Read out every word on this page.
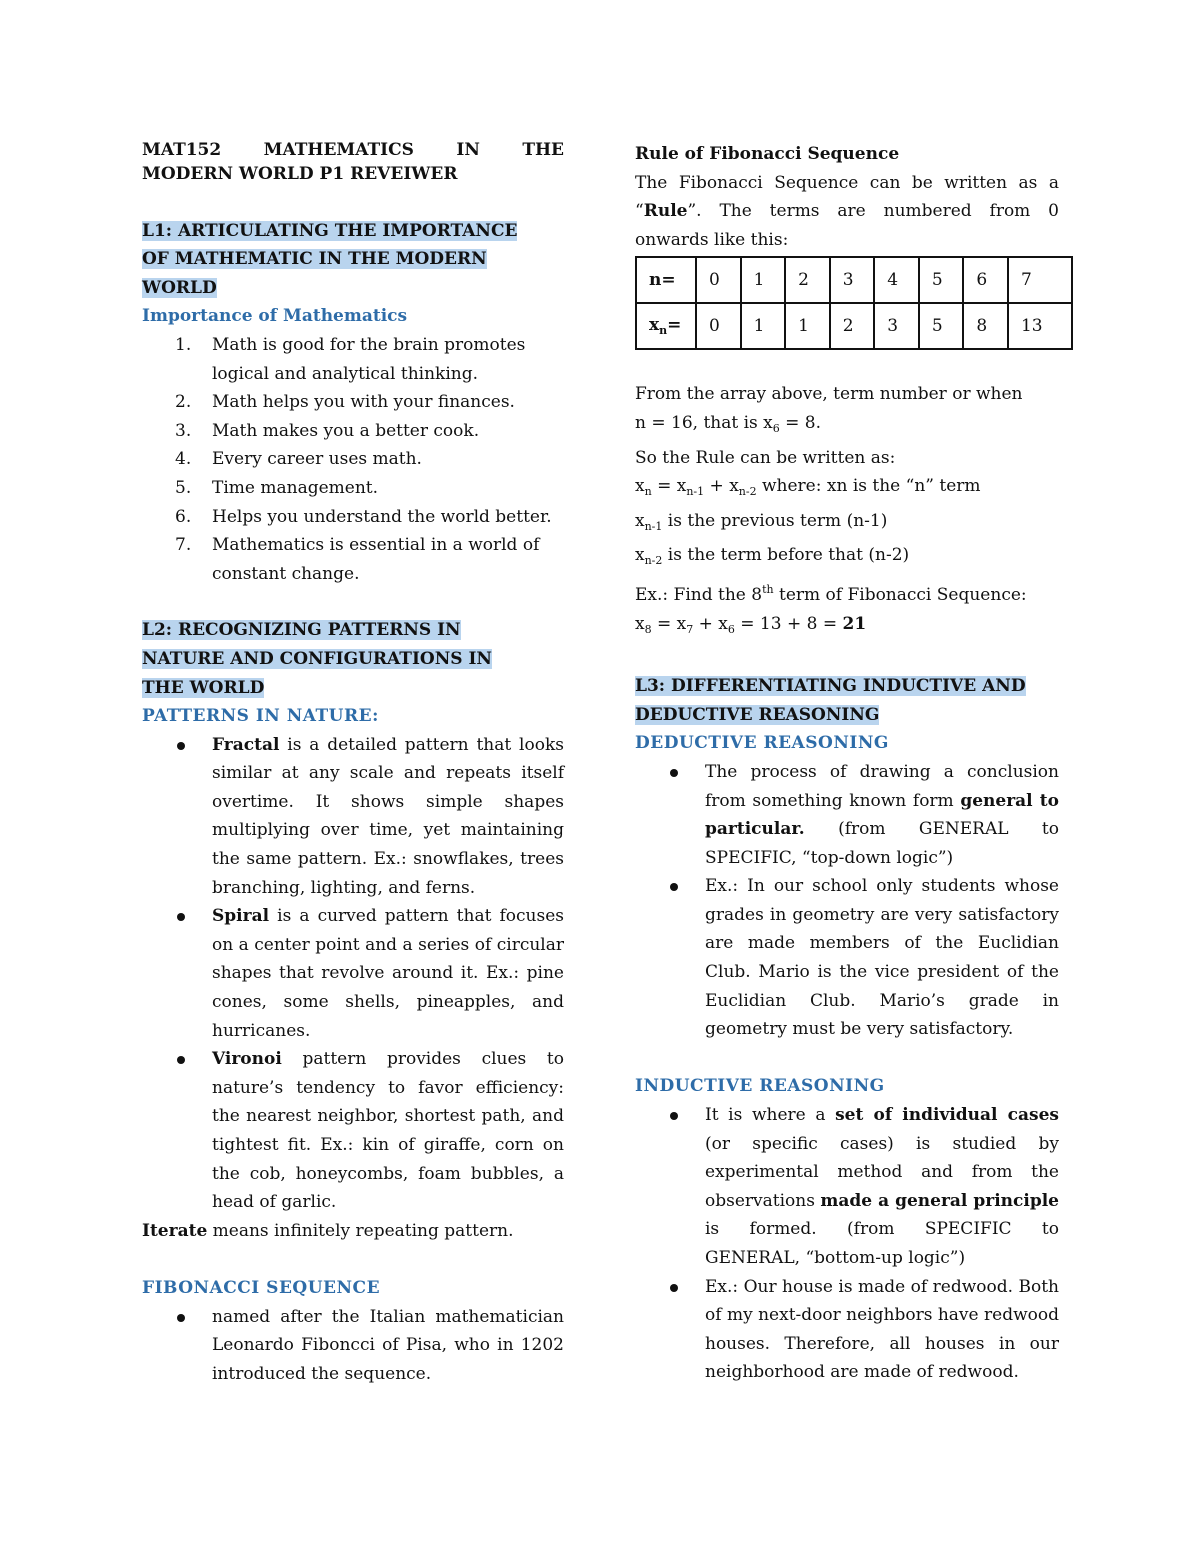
MAT152 MATHEMATICS IN THE
MODERN WORLD P1 REVEIWER
L1: ARTICULATING THE IMPORTANCE
OF MATHEMATIC IN THE MODERN
WORLD
Importance of Mathematics
1. Math is good for the brain promotes
logical and analytical thinking.
2. Math helps you with your finances.
3. Math makes you a better cook.
4. Every career uses math.
5. Time management.
6. Helps you understand the world better.
7. Mathematics is essential in a world of
constant change.
L2: RECOGNIZING PATTERNS IN
NATURE AND CONFIGURATIONS IN
THE WORLD
PATTERNS IN NATURE:
Fractal is a detailed pattern that looks similar at any scale and repeats itself overtime. It shows simple shapes multiplying over time, yet maintaining the same pattern. Ex.: snowflakes, trees branching, lighting, and ferns.
Spiral is a curved pattern that focuses on a center point and a series of circular shapes that revolve around it. Ex.: pine cones, some shells, pineapples, and hurricanes.
Vironoi pattern provides clues to nature’s tendency to favor efficiency: the nearest neighbor, shortest path, and tightest fit. Ex.: kin of giraffe, corn on the cob, honeycombs, foam bubbles, a head of garlic.

Iterate means infinitely repeating pattern.

FIBONACCI SEQUENCE
named after the Italian mathematician Leonardo Fiboncci of Pisa, who in 1202 introduced the sequence.
Rule of Fibonacci Sequence

The Fibonacci Sequence can be written as a “Rule”. The terms are numbered from 0 onwards like this:

n=	0	1	2	3	4	5	6	7
$x_n=$	0	1	1	2	3	5	8	13
From the array above, term number or when
n = 16, that is $x_6 = 8$.
So the Rule can be written as:
$x_n = x_{n-1} + x_{n-2}$ where: xn is the “n” term
$x_{n-1}$ is the previous term (n-1)
$x_{n-2}$ is the term before that (n-2)
Ex.: Find the 8th term of Fibonacci Sequence:
$x_8 = x_7 + x_6 = 13 + 8 = 21$
L3: DIFFERENTIATING INDUCTIVE AND
DEDUCTIVE REASONING
DEDUCTIVE REASONING
The process of drawing a conclusion from something known form general to particular. (from GENERAL to SPECIFIC, “top-down logic”)
Ex.: In our school only students whose grades in geometry are very satisfactory are made members of the Euclidian Club. Mario is the vice president of the Euclidian Club. Mario’s grade in geometry must be very satisfactory.
INDUCTIVE REASONING
It is where a set of individual cases (or specific cases) is studied by experimental method and from the observations made a general principle is formed. (from SPECIFIC to GENERAL, “bottom-up logic”)
Ex.: Our house is made of redwood. Both of my next-door neighbors have redwood houses. Therefore, all houses in our neighborhood are made of redwood.
